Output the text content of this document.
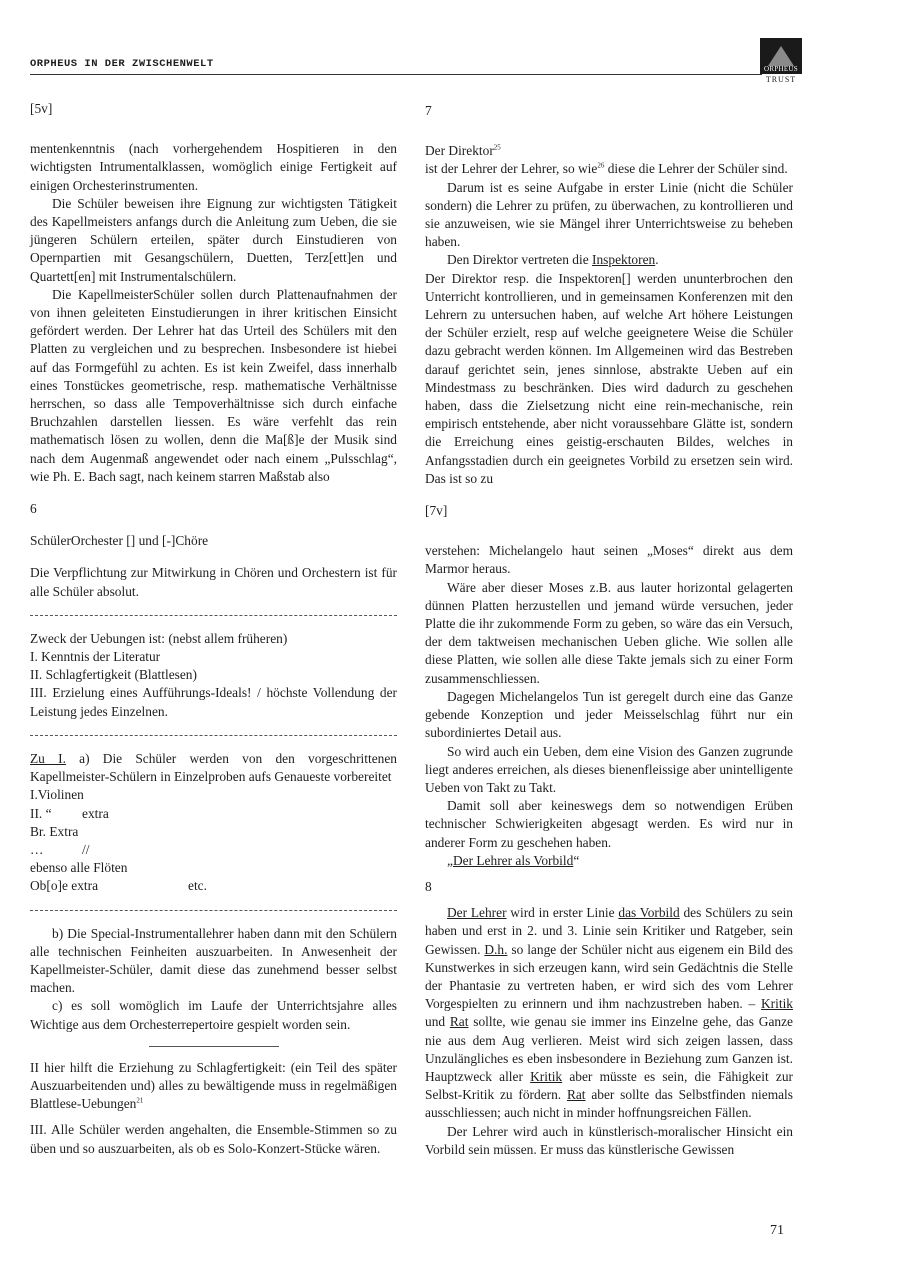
ORPHEUS IN DER ZWISCHENWELT	ORPHEUS
TRUST

[5v]

mentenkenntnis (nach vorhergehendem Hospitieren in den wichtigsten Intrumentalklassen, womöglich einige Fertigkeit auf einigen Orchesterinstrumenten.

Die Schüler beweisen ihre Eignung zur wichtigsten Tätigkeit des Kapellmeisters anfangs durch die Anleitung zum Ueben, die sie jüngeren Schülern erteilen, später durch Einstudieren von Opernpartien mit Gesangschülern, Duetten, Terz[ett]en und Quartett[en] mit Instrumentalschülern.

Die KapellmeisterSchüler sollen durch Plattenaufnahmen der von ihnen geleiteten Einstudierungen in ihrer kritischen Einsicht gefördert werden. Der Lehrer hat das Urteil des Schülers mit den Platten zu vergleichen und zu besprechen. Insbesondere ist hiebei auf das Formgefühl zu achten. Es ist kein Zweifel, dass innerhalb eines Tonstückes geometrische, resp. mathematische Verhältnisse herrschen, so dass alle Tempoverhältnisse sich durch einfache Bruchzahlen darstellen liessen. Es wäre verfehlt das rein mathematisch lösen zu wollen, denn die Ma[ß]e der Musik sind nach dem Augenmaß angewendet oder nach einem „Pulsschlag“, wie Ph. E. Bach sagt, nach keinem starren Maßstab also

6

SchülerOrchester [] und [-]Chöre

Die Verpflichtung zur Mitwirkung in Chören und Orchestern ist für alle Schüler absolut.

Zweck der Uebungen ist: (nebst allem früheren)

I. Kenntnis der Literatur

II. Schlagfertigkeit (Blattlesen)

III. Erzielung eines Aufführungs-Ideals! / höchste Vollendung der Leistung jedes Einzelnen.

Zu I. a) Die Schüler werden von den vorgeschrittenen Kapellmeister-Schülern in Einzelproben aufs Genaueste vorbereitet

I.Violinen

II. “ extra

Br. Extra

…	//

ebenso alle Flöten

Ob[o]e extra	etc.

b) Die Special-Instrumentallehrer haben dann mit den Schülern alle technischen Feinheiten auszuarbeiten. In Anwesenheit der Kapellmeister-Schüler, damit diese das zunehmend besser selbst machen.

c) es soll womöglich im Laufe der Unterrichtsjahre alles Wichtige aus dem Orchesterrepertoire gespielt worden sein.

II hier hilft die Erziehung zu Schlagfertigkeit: (ein Teil des später Auszuarbeitenden und) alles zu bewältigende muss in regelmäßigen Blattlese-Uebungen$^{21}$

III. Alle Schüler werden angehalten, die Ensemble-Stimmen so zu üben und so auszuarbeiten, als ob es Solo-Konzert-Stücke wären.

7

Der Direktor$^{25}$

ist der Lehrer der Lehrer, so wie$^{26}$ diese die Lehrer der Schüler sind.

Darum ist es seine Aufgabe in erster Linie (nicht die Schüler sondern) die Lehrer zu prüfen, zu überwachen, zu kontrollieren und sie anzuweisen, wie sie Mängel ihrer Unterrichtsweise zu beheben haben.

Den Direktor vertreten die Inspektoren.

Der Direktor resp. die Inspektoren[] werden ununterbrochen den Unterricht kontrollieren, und in gemeinsamen Konferenzen mit den Lehrern zu untersuchen haben, auf welche Art höhere Leistungen der Schüler erzielt, resp auf welche geeignetere Weise die Schüler dazu gebracht werden können. Im Allgemeinen wird das Bestreben darauf gerichtet sein, jenes sinnlose, abstrakte Ueben auf ein Mindestmass zu beschränken. Dies wird dadurch zu geschehen haben, dass die Zielsetzung nicht eine rein-mechanische, rein empirisch entstehende, aber nicht voraussehbare Glätte ist, sondern die Erreichung eines geistig-erschauten Bildes, welches in Anfangsstadien durch ein geeignetes Vorbild zu ersetzen sein wird. Das ist so zu

[7v]

verstehen: Michelangelo haut seinen „Moses“ direkt aus dem Marmor heraus.

Wäre aber dieser Moses z.B. aus lauter horizontal gelagerten dünnen Platten herzustellen und jemand würde versuchen, jeder Platte die ihr zukommende Form zu geben, so wäre das ein Versuch, der dem taktweisen mechanischen Ueben gliche. Wie sollen alle diese Platten, wie sollen alle diese Takte jemals sich zu einer Form zusammenschliessen.

Dagegen Michelangelos Tun ist geregelt durch eine das Ganze gebende Konzeption und jeder Meisselschlag führt nur ein subordiniertes Detail aus.

So wird auch ein Ueben, dem eine Vision des Ganzen zugrunde liegt anderes erreichen, als dieses bienenfleissige aber unintelligente Ueben von Takt zu Takt.

Damit soll aber keineswegs dem so notwendigen Erüben technischer Schwierigkeiten abgesagt werden. Es wird nur in anderer Form zu geschehen haben.

„Der Lehrer als Vorbild“

8

Der Lehrer wird in erster Linie das Vorbild des Schülers zu sein haben und erst in 2. und 3. Linie sein Kritiker und Ratgeber, sein Gewissen. D.h. so lange der Schüler nicht aus eigenem ein Bild des Kunstwerkes in sich erzeugen kann, wird sein Gedächtnis die Stelle der Phantasie zu vertreten haben, er wird sich des vom Lehrer Vorgespielten zu erinnern und ihm nachzustreben haben. – Kritik und Rat sollte, wie genau sie immer ins Einzelne gehe, das Ganze nie aus dem Aug verlieren. Meist wird sich zeigen lassen, dass Unzulängliches es eben insbesondere in Beziehung zum Ganzen ist. Hauptzweck aller Kritik aber müsste es sein, die Fähigkeit zur Selbst-Kritik zu fördern. Rat aber sollte das Selbstfinden niemals ausschliessen; auch nicht in minder hoffnungsreichen Fällen.

Der Lehrer wird auch in künstlerisch-moralischer Hinsicht ein Vorbild sein müssen. Er muss das künstlerische Gewissen

71
